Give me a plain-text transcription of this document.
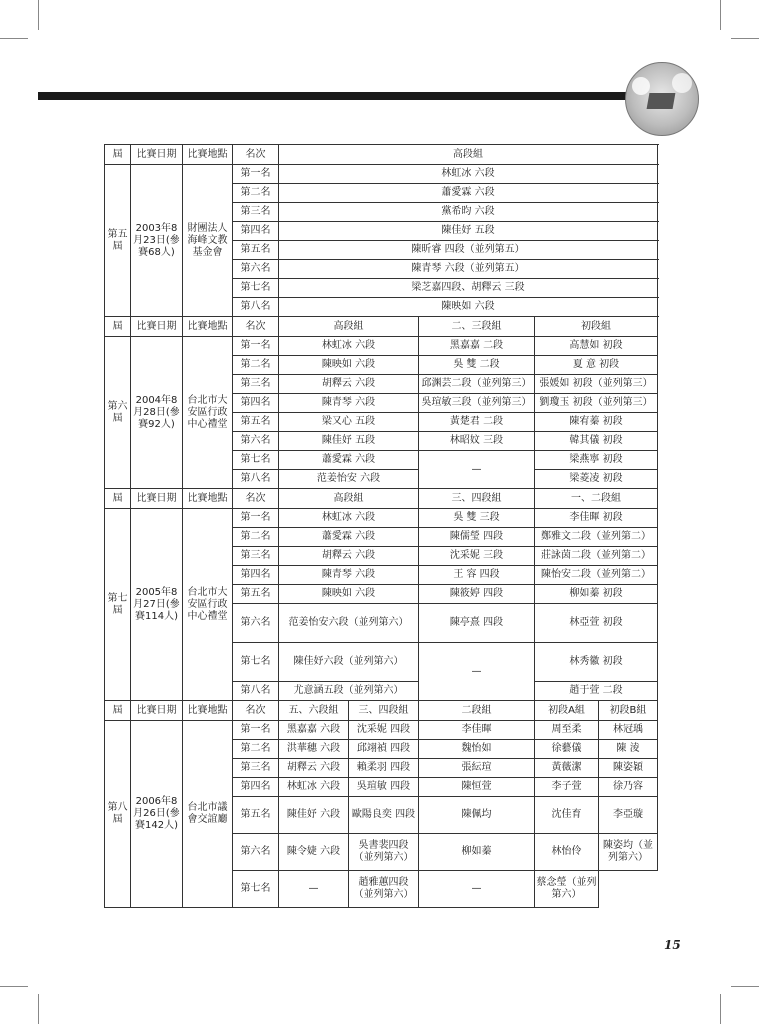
屆	比賽日期	比賽地點	名次	高段組	
第五屆	2003年8月23日(參賽68人)	財團法人海峰文教基金會	第一名	林虹冰 六段	
			第二名	蕭愛霖 六段	
			第三名	黨希昀 六段	
			第四名	陳佳妤 五段	
			第五名	陳昕睿 四段（並列第五）	
			第六名	陳青琴 六段（並列第五）	
			第七名	梁芝嘉四段、胡釋云 三段	
			第八名	陳映如 六段	
屆	比賽日期	比賽地點	名次	高段組		二、三段組	初段組		
第六屆	2004年8月28日(參賽92人)	台北市大安區行政中心禮堂	第一名	林虹冰 六段		黑嘉嘉 二段	高慧如 初段		
			第二名	陳映如 六段		吳 雙 二段	夏 意 初段		
			第三名	胡釋云 六段		邱渊芸二段（並列第三）	張媛如 初段（並列第三）		
			第四名	陳青琴 六段		吳瑄敏三段（並列第三）	劉瓊玉 初段（並列第三）		
			第五名	梁又心 五段		黃楚君 二段	陳宥蓁 初段		
			第六名	陳佳妤 五段		林昭妏 三段	韓其儀 初段		
			第七名	蕭愛霖 六段		—	梁燕寧 初段		
			第八名	范姜怡安 六段			梁菱凌 初段		
屆	比賽日期	比賽地點	名次	高段組		三、四段組	一、二段組		
第七屆	2005年8月27日(參賽114人)	台北市大安區行政中心禮堂	第一名	林虹冰 六段		吳 雙 三段	李佳暉 初段		
			第二名	蕭愛霖 六段		陳儒瑩 四段	鄭雅文二段（並列第二）		
			第三名	胡釋云 六段		沈采妮 三段	莊詠茵二段（並列第二）		
			第四名	陳青琴 六段		王 容 四段	陳怡安二段（並列第二）		
			第五名	陳映如 六段		陳筱婷 四段	柳如蓁 初段		
			第六名	范姜怡安六段（並列第六）		陳亭熹 四段	林亞萱 初段		
			第七名	陳佳妤六段（並列第六）		—	林秀徽 初段		
			第八名	尤意涵五段（並列第六）			趙于萱 二段		
屆	比賽日期	比賽地點	名次	五、六段組	三、四段組	二段組	初段A組	初段B組	
第八屆	2006年8月26日(參賽142人)	台北市議會交誼廳	第一名	黑嘉嘉 六段	沈采妮 四段	李佳暉	周至柔	林冠瑀	
			第二名	洪華穗 六段	邱翊禎 四段	魏怡如	徐藝儀	陳 淩	
			第三名	胡釋云 六段	賴柔羽 四段	張紜瑄	黃薇潔	陳姿穎	
			第四名	林虹冰 六段	吳瑄敏 四段	陳恒萱	李子萱	徐乃容	
			第五名	陳佳妤 六段	歐陽良奕 四段	陳佩均	沈佳育	李亞璇	
			第六名	陳令婕 六段	吳書裴四段（並列第六）	柳如蓁	林怡伶	陳姿均（並列第六）	
			第七名	—	趙雅蕙四段（並列第六）	—	蔡念瑩（並列第六）		
15
